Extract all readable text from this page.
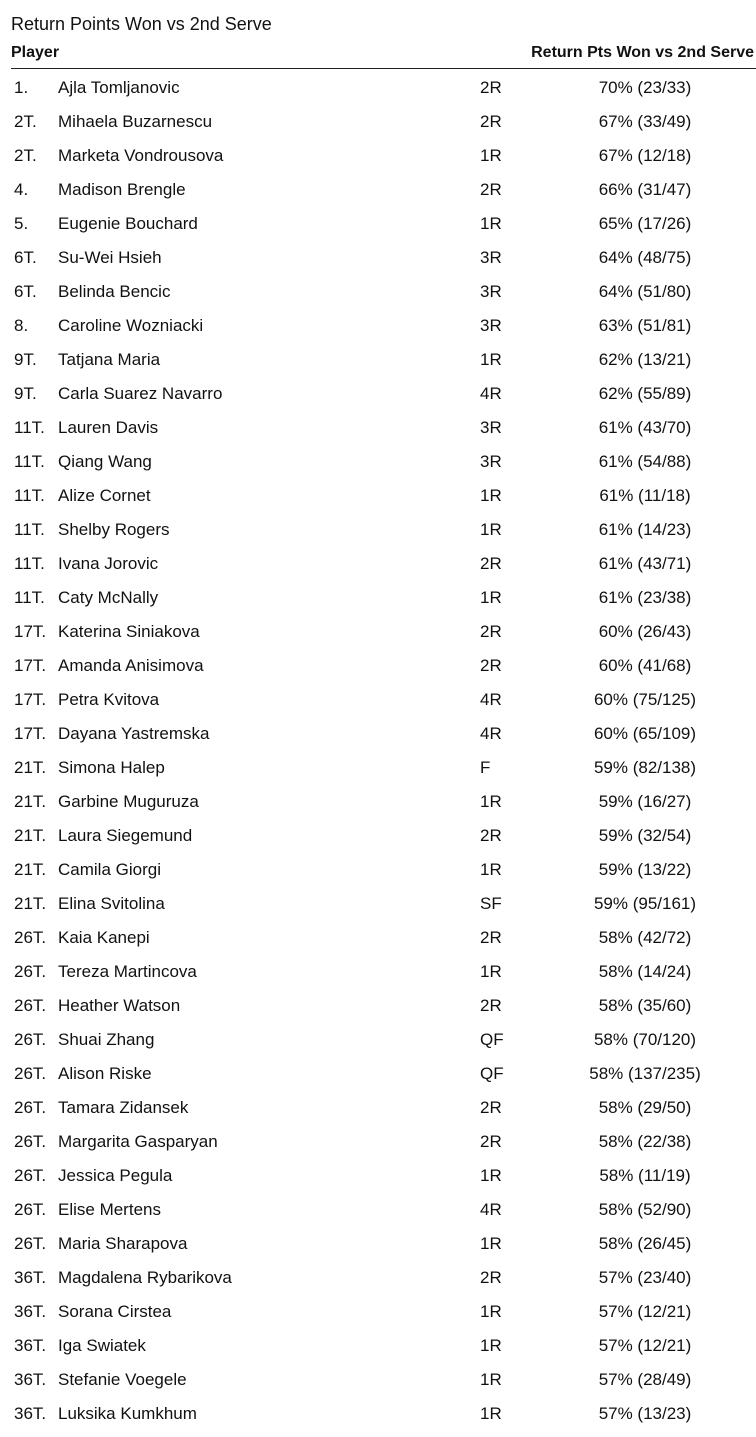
Return Points Won vs 2nd Serve
Player	Return Pts Won vs 2nd Serve
1. Ajla Tomljanovic	2R	70% (23/33)
2T. Mihaela Buzarnescu	2R	67% (33/49)
2T. Marketa Vondrousova	1R	67% (12/18)
4. Madison Brengle	2R	66% (31/47)
5. Eugenie Bouchard	1R	65% (17/26)
6T. Su-Wei Hsieh	3R	64% (48/75)
6T. Belinda Bencic	3R	64% (51/80)
8. Caroline Wozniacki	3R	63% (51/81)
9T. Tatjana Maria	1R	62% (13/21)
9T. Carla Suarez Navarro	4R	62% (55/89)
11T. Lauren Davis	3R	61% (43/70)
11T. Qiang Wang	3R	61% (54/88)
11T. Alize Cornet	1R	61% (11/18)
11T. Shelby Rogers	1R	61% (14/23)
11T. Ivana Jorovic	2R	61% (43/71)
11T. Caty McNally	1R	61% (23/38)
17T. Katerina Siniakova	2R	60% (26/43)
17T. Amanda Anisimova	2R	60% (41/68)
17T. Petra Kvitova	4R	60% (75/125)
17T. Dayana Yastremska	4R	60% (65/109)
21T. Simona Halep	F	59% (82/138)
21T. Garbine Muguruza	1R	59% (16/27)
21T. Laura Siegemund	2R	59% (32/54)
21T. Camila Giorgi	1R	59% (13/22)
21T. Elina Svitolina	SF	59% (95/161)
26T. Kaia Kanepi	2R	58% (42/72)
26T. Tereza Martincova	1R	58% (14/24)
26T. Heather Watson	2R	58% (35/60)
26T. Shuai Zhang	QF	58% (70/120)
26T. Alison Riske	QF	58% (137/235)
26T. Tamara Zidansek	2R	58% (29/50)
26T. Margarita Gasparyan	2R	58% (22/38)
26T. Jessica Pegula	1R	58% (11/19)
26T. Elise Mertens	4R	58% (52/90)
26T. Maria Sharapova	1R	58% (26/45)
36T. Magdalena Rybarikova	2R	57% (23/40)
36T. Sorana Cirstea	1R	57% (12/21)
36T. Iga Swiatek	1R	57% (12/21)
36T. Stefanie Voegele	1R	57% (28/49)
36T. Luksika Kumkhum	1R	57% (13/23)
